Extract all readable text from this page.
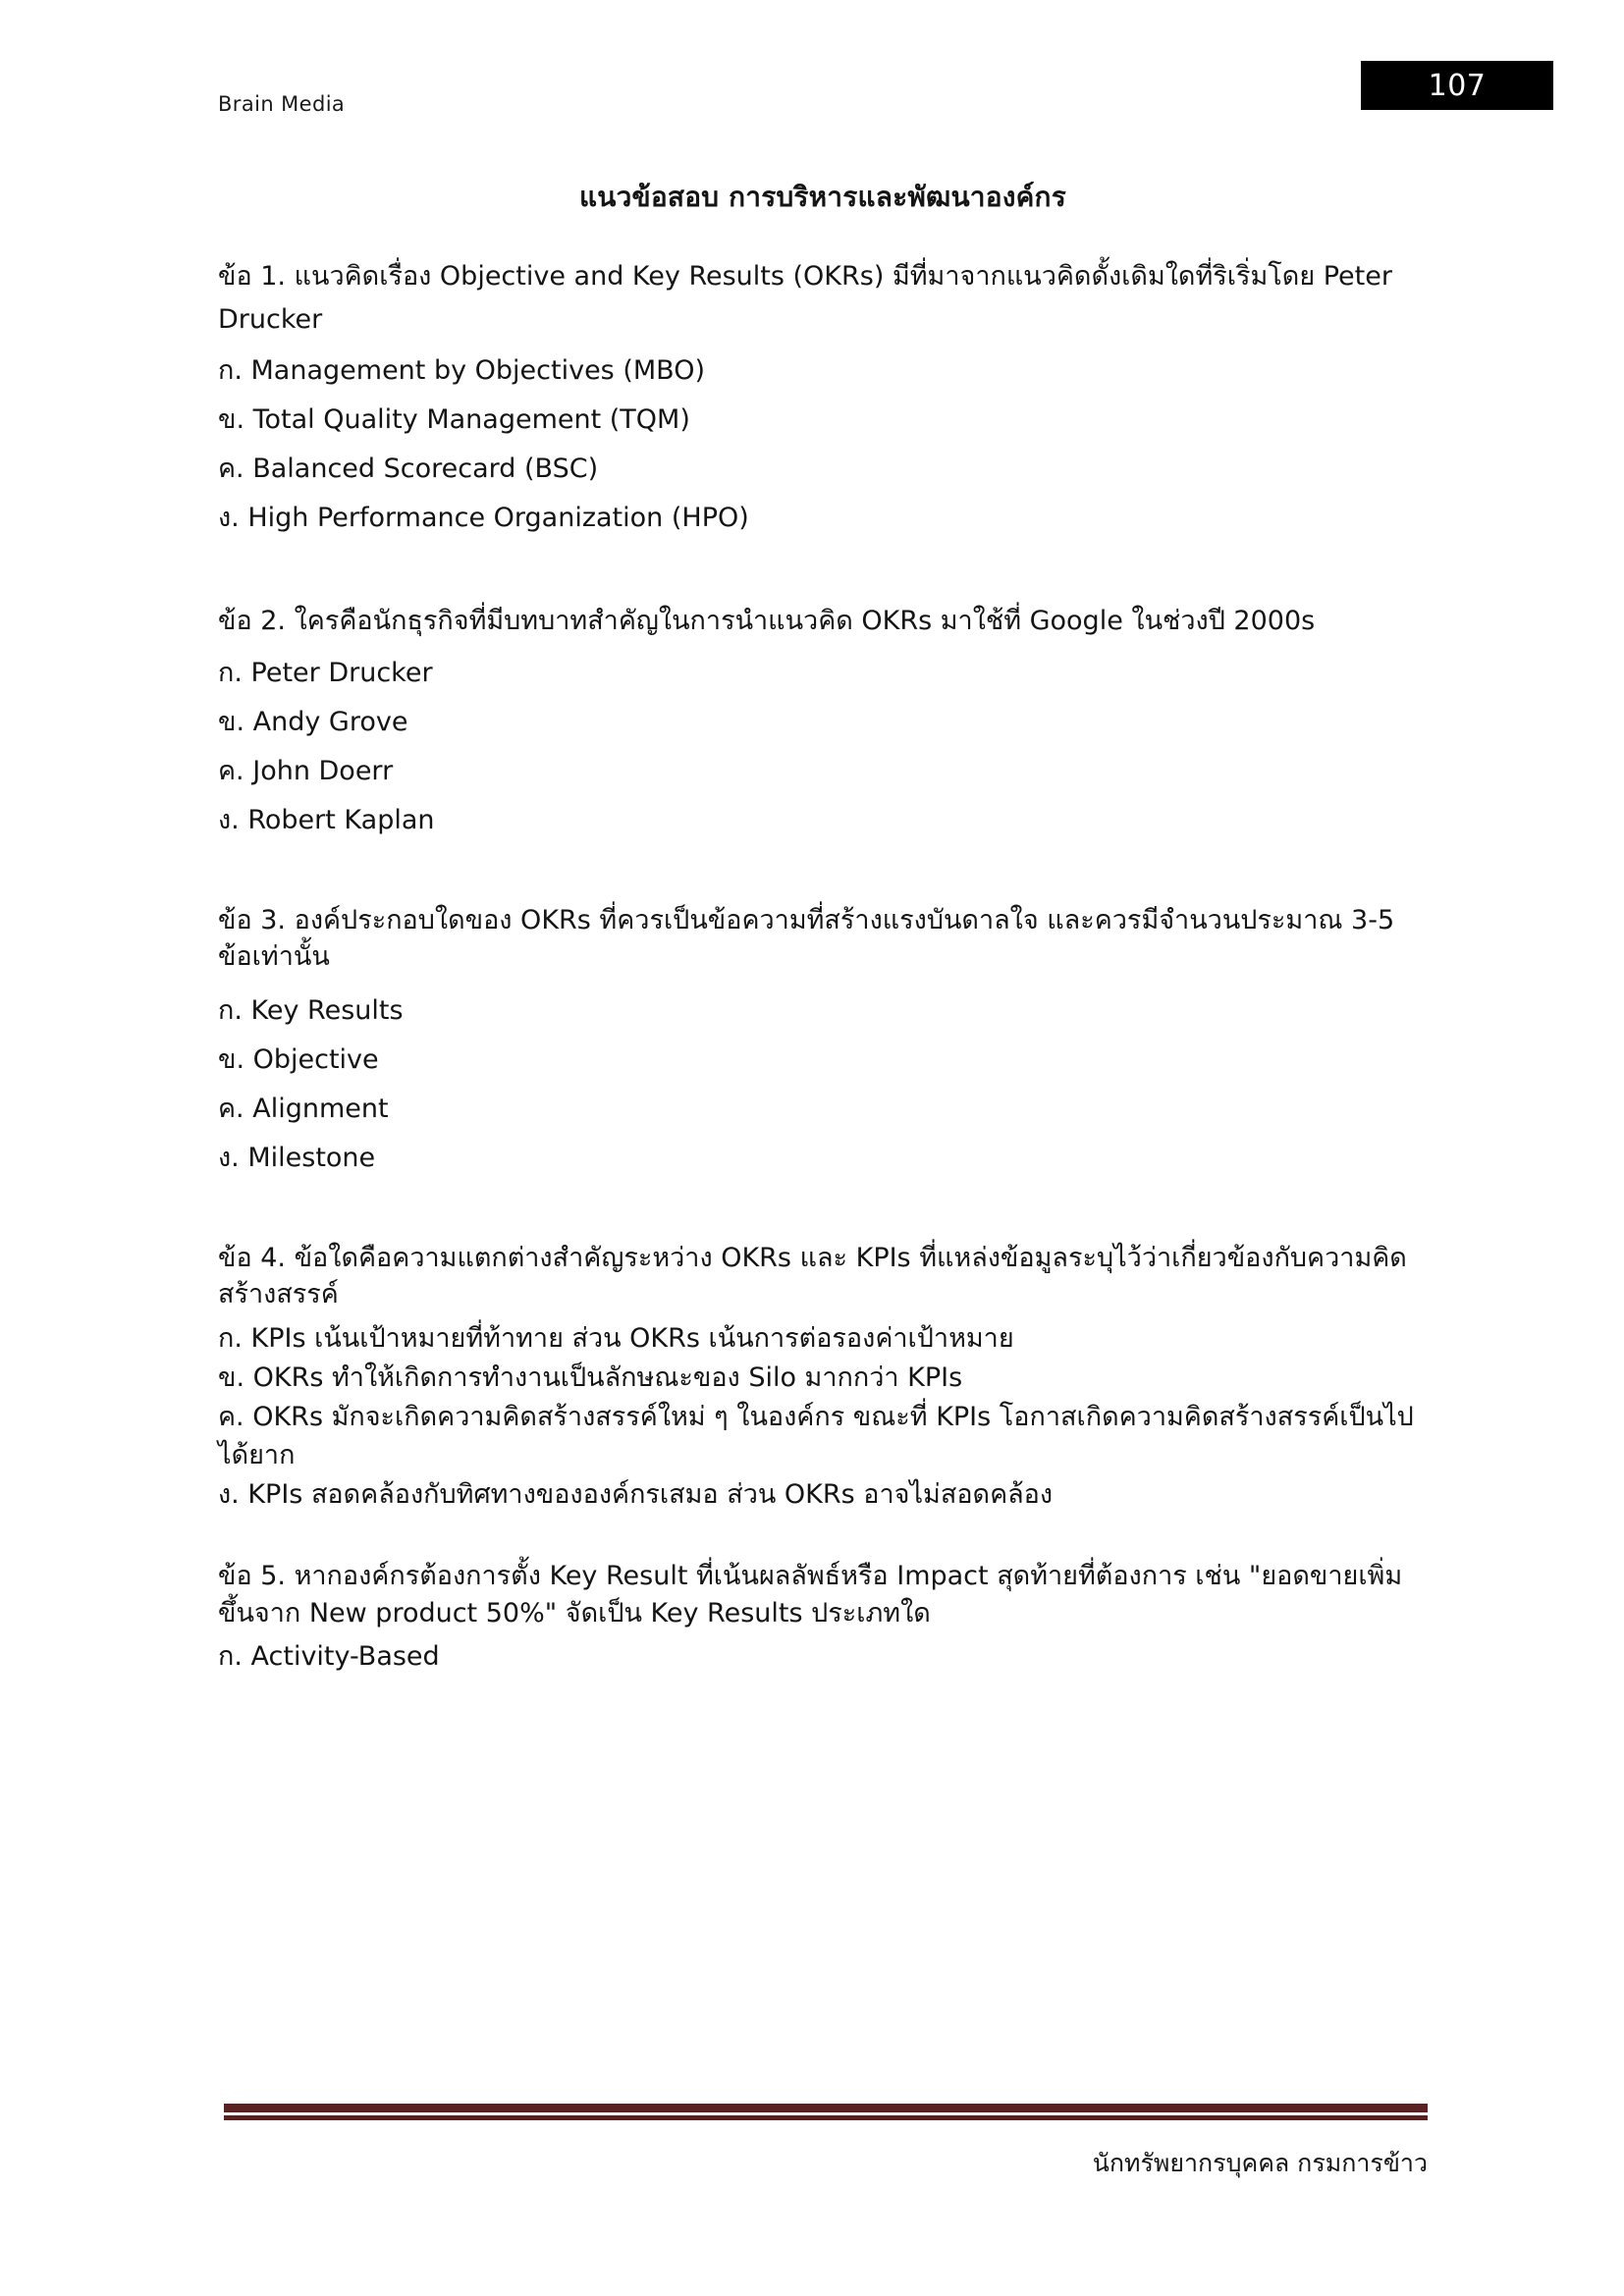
Brain Media
107
แนวข้อสอบ การบริหารและพัฒนาองค์กร

ข้อ 1. แนวคิดเรื่อง Objective and Key Results (OKRs) มีที่มาจากแนวคิดดั้งเดิมใดที่ริเริ่มโดย Peter Drucker

ก. Management by Objectives (MBO)

ข. Total Quality Management (TQM)

ค. Balanced Scorecard (BSC)

ง. High Performance Organization (HPO)

ข้อ 2. ใครคือนักธุรกิจที่มีบทบาทสำคัญในการนำแนวคิด OKRs มาใช้ที่ Google ในช่วงปี 2000s

ก. Peter Drucker

ข. Andy Grove

ค. John Doerr

ง. Robert Kaplan

ข้อ 3. องค์ประกอบใดของ OKRs ที่ควรเป็นข้อความที่สร้างแรงบันดาลใจ และควรมีจำนวนประมาณ 3-5 ข้อเท่านั้น

ก. Key Results

ข. Objective

ค. Alignment

ง. Milestone

ข้อ 4. ข้อใดคือความแตกต่างสำคัญระหว่าง OKRs และ KPIs ที่แหล่งข้อมูลระบุไว้ว่าเกี่ยวข้องกับความคิดสร้างสรรค์

ก. KPIs เน้นเป้าหมายที่ท้าทาย ส่วน OKRs เน้นการต่อรองค่าเป้าหมาย

ข. OKRs ทำให้เกิดการทำงานเป็นลักษณะของ Silo มากกว่า KPIs

ค. OKRs มักจะเกิดความคิดสร้างสรรค์ใหม่ ๆ ในองค์กร ขณะที่ KPIs โอกาสเกิดความคิดสร้างสรรค์เป็นไปได้ยาก

ง. KPIs สอดคล้องกับทิศทางขององค์กรเสมอ ส่วน OKRs อาจไม่สอดคล้อง

ข้อ 5. หากองค์กรต้องการตั้ง Key Result ที่เน้นผลลัพธ์หรือ Impact สุดท้ายที่ต้องการ เช่น "ยอดขายเพิ่มขึ้นจาก New product 50%" จัดเป็น Key Results ประเภทใด

ก. Activity-Based

นักทรัพยากรบุคคล กรมการข้าว
